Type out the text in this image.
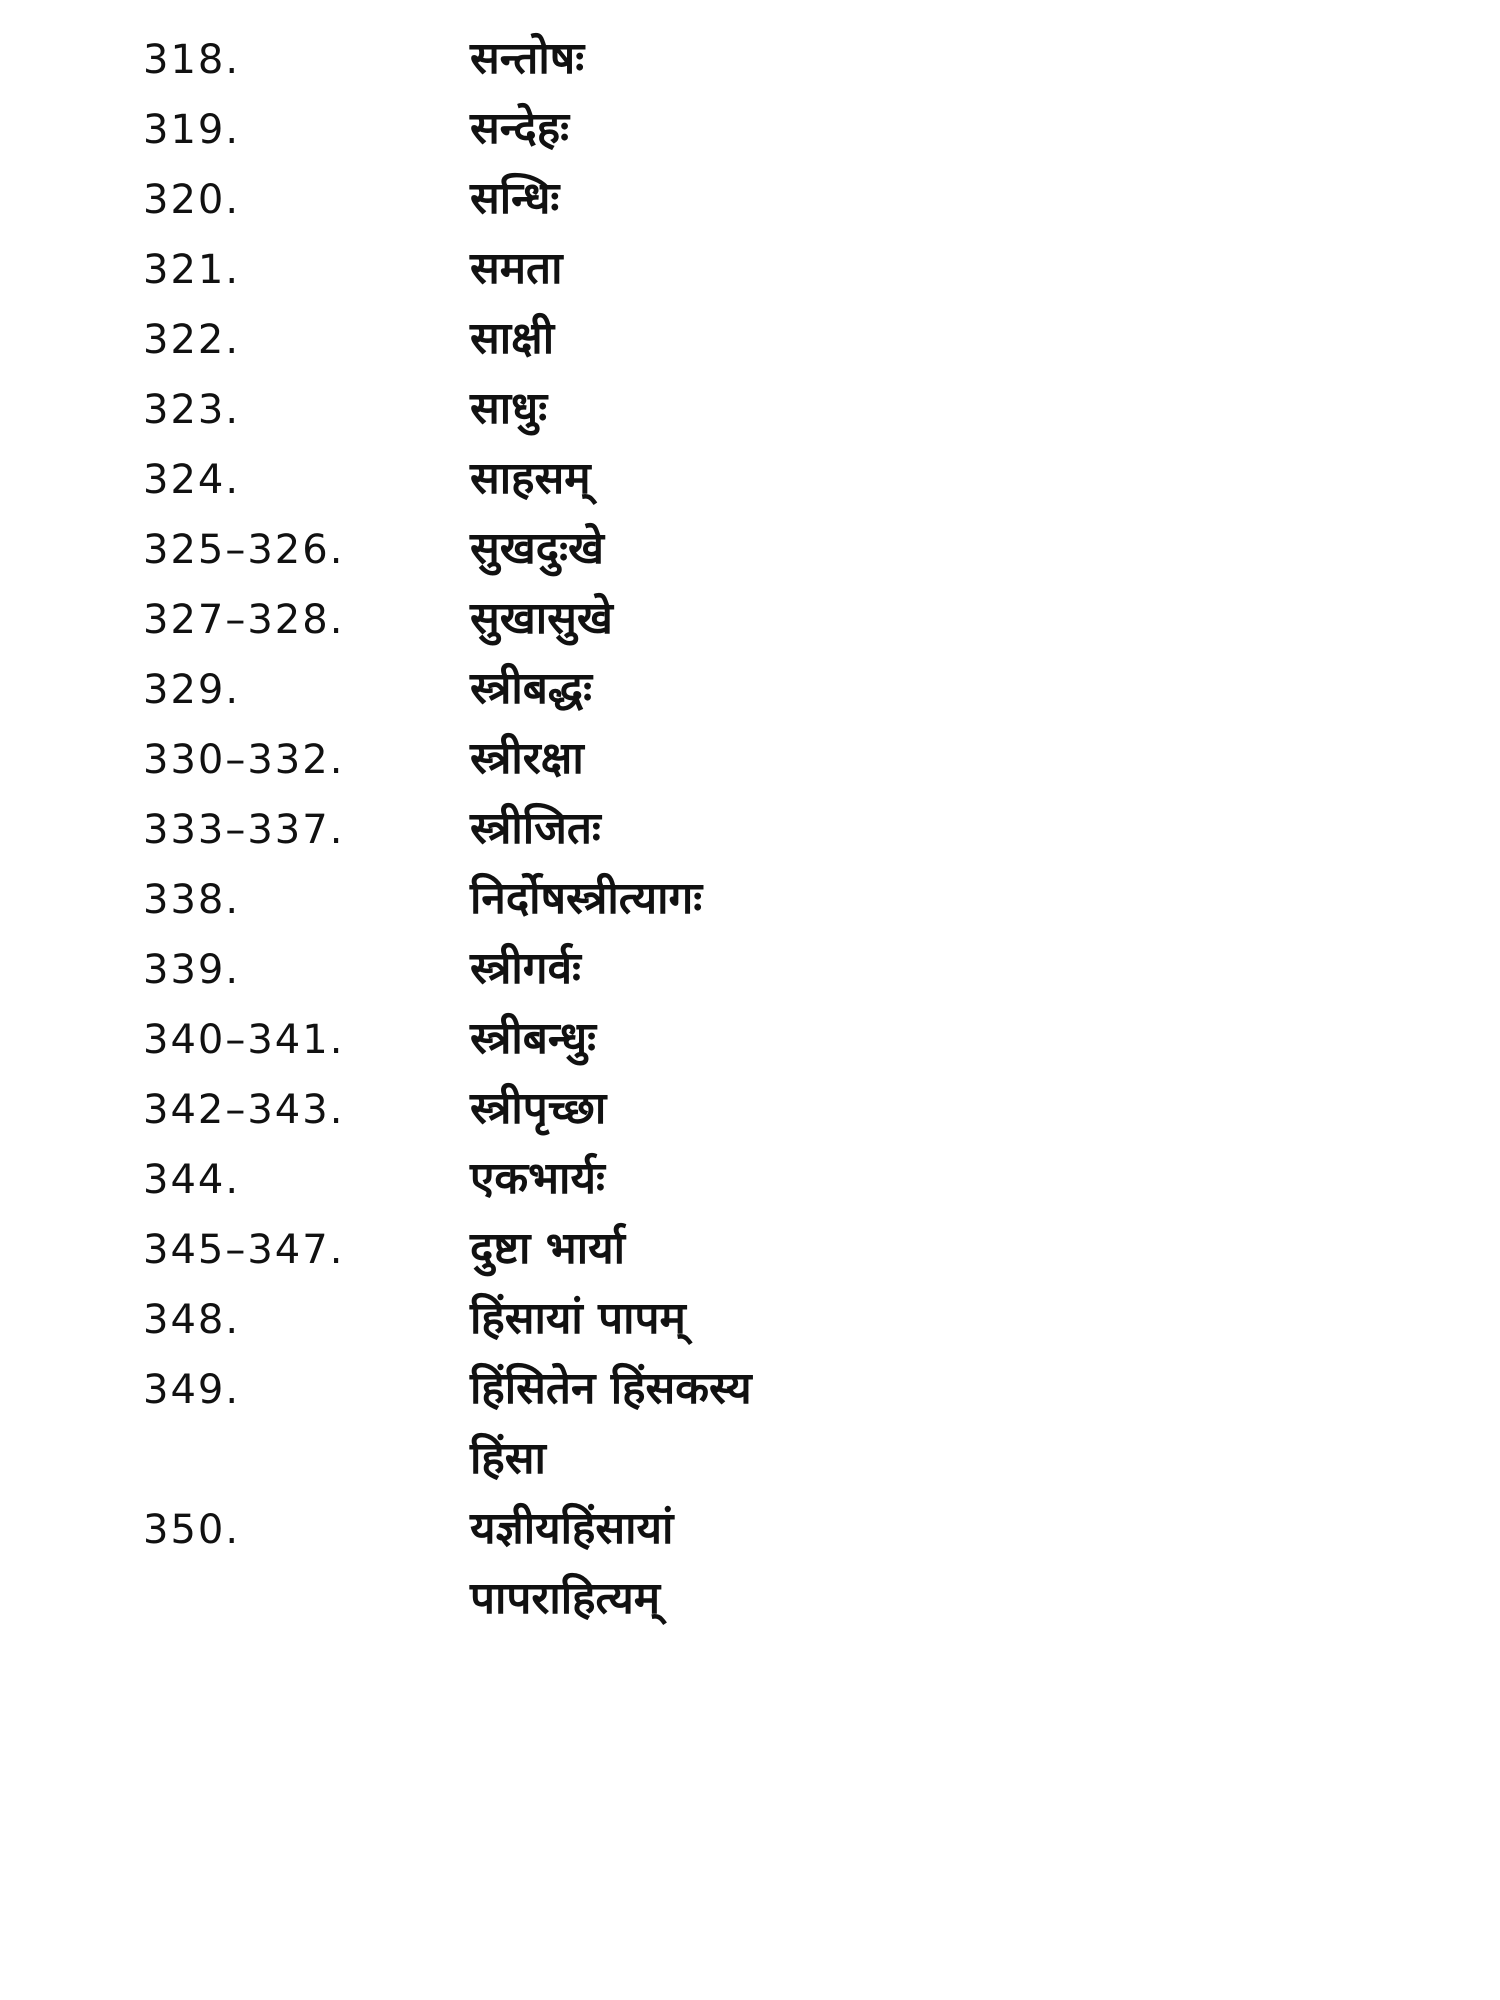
318.	सन्तोषः
319.	सन्देहः
320.	सन्धिः
321.	समता
322.	साक्षी
323.	साधुः
324.	साहसम्
325–326.	सुखदुःखे
327–328.	सुखासुखे
329.	स्त्रीबद्धः
330–332.	स्त्रीरक्षा
333–337.	स्त्रीजितः
338.	निर्दोषस्त्रीत्यागः
339.	स्त्रीगर्वः
340–341.	स्त्रीबन्धुः
342–343.	स्त्रीपृच्छा
344.	एकभार्यः
345–347.	दुष्टा भार्या
348.	हिंसायां पापम्
349.	हिंसितेन हिंसकस्य
हिंसा
350.	यज्ञीयहिंसायां
पापराहित्यम्
